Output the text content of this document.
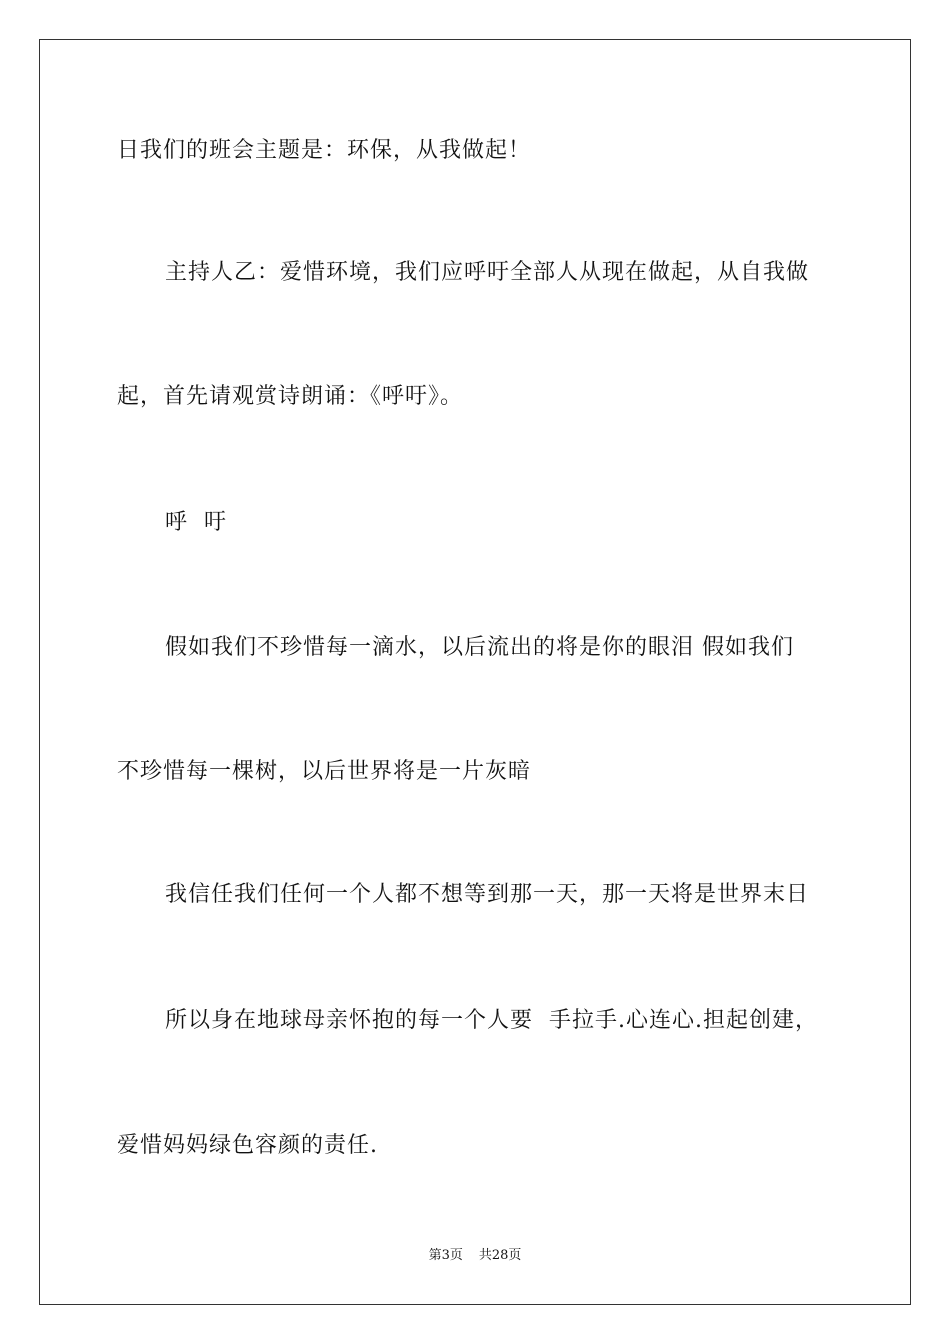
日我们的班会主题是：环保，从我做起！
主持人乙：爱惜环境，我们应呼吁全部人从现在做起，从自我做
起，首先请观赏诗朗诵：《呼吁》。
呼  吁
假如我们不珍惜每一滴水，以后流出的将是你的眼泪 假如我们
不珍惜每一棵树，以后世界将是一片灰暗
我信任我们任何一个人都不想等到那一天，那一天将是世界末日
所以身在地球母亲怀抱的每一个人要  手拉手.心连心.担起创建，
爱惜妈妈绿色容颜的责任.
第3页 共28页
